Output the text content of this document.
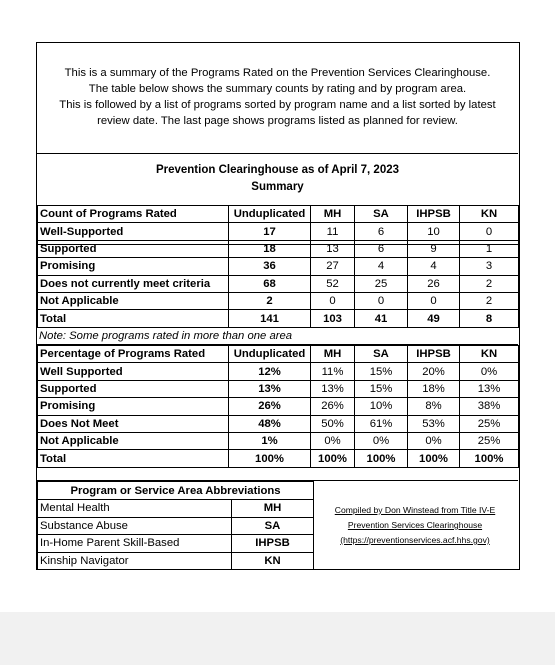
This is a summary of the Programs Rated on the Prevention Services Clearinghouse.
The table below shows the summary counts by rating and by program area.
This is followed by a list of programs sorted by program name and a list sorted by latest
review date. The last page shows programs listed as planned for review.
Prevention Clearinghouse as of April 7, 2023
Summary
Count of Programs Rated	Unduplicated	MH	SA	IHPSB	KN
Well-Supported	17	11	6	10	0
Supported	18	13	6	9	1
Promising	36	27	4	4	3
Does not currently meet criteria	68	52	25	26	2
Not Applicable	2	0	0	0	2
Total	141	103	41	49	8
Note: Some programs rated in more than one area
Percentage of Programs Rated	Unduplicated	MH	SA	IHPSB	KN
Well Supported	12%	11%	15%	20%	0%
Supported	13%	13%	15%	18%	13%
Promising	26%	26%	10%	8%	38%
Does Not Meet	48%	50%	61%	53%	25%
Not Applicable	1%	0%	0%	0%	25%
Total	100%	100%	100%	100%	100%
Program or Service Area Abbreviations	
Mental Health	MH
Substance Abuse	SA
In-Home Parent Skill-Based	IHPSB
Kinship Navigator	KN
Compiled by Don Winstead from Title IV-E
Prevention Services Clearinghouse
(https://preventionservices.acf.hhs.gov)
